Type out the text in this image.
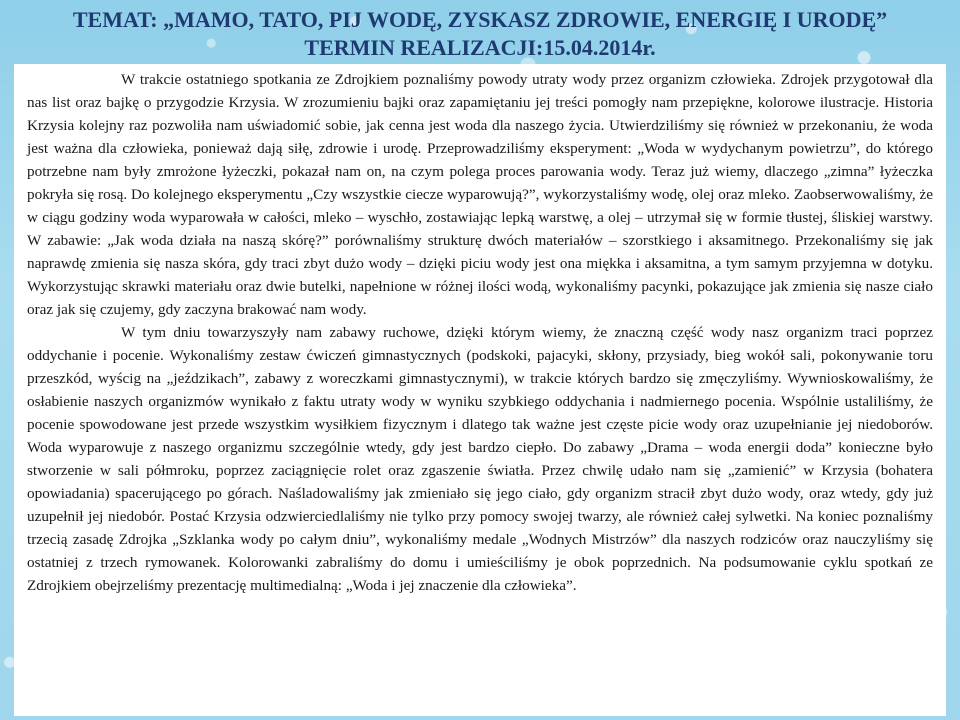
TEMAT: „MAMO, TATO, PIJ WODĘ, ZYSKASZ ZDROWIE, ENERGIĘ I URODĘ”
TERMIN REALIZACJI:15.04.2014r.

W trakcie ostatniego spotkania ze Zdrojkiem poznaliśmy powody utraty wody przez organizm człowieka. Zdrojek przygotował dla nas list oraz bajkę o przygodzie Krzysia. W zrozumieniu bajki oraz zapamiętaniu jej treści pomogły nam przepiękne, kolorowe ilustracje. Historia Krzysia kolejny raz pozwoliła nam uświadomić sobie, jak cenna jest woda dla naszego życia. Utwierdziliśmy się również w przekonaniu, że woda jest ważna dla człowieka, ponieważ dają siłę, zdrowie i urodę. Przeprowadziliśmy eksperyment: „Woda w wydychanym powietrzu”, do którego potrzebne nam były zmrożone łyżeczki, pokazał nam on, na czym polega proces parowania wody. Teraz już wiemy, dlaczego „zimna” łyżeczka pokryła się rosą. Do kolejnego eksperymentu „Czy wszystkie ciecze wyparowują?”, wykorzystaliśmy wodę, olej oraz mleko. Zaobserwowaliśmy, że w ciągu godziny woda wyparowała w całości, mleko – wyschło, zostawiając lepką warstwę, a olej – utrzymał się w formie tłustej, śliskiej warstwy. W zabawie: „Jak woda działa na naszą skórę?” porównaliśmy strukturę dwóch materiałów – szorstkiego i aksamitnego. Przekonaliśmy się jak naprawdę zmienia się nasza skóra, gdy traci zbyt dużo wody – dzięki piciu wody jest ona miękka i aksamitna, a tym samym przyjemna w dotyku. Wykorzystując skrawki materiału oraz dwie butelki, napełnione w różnej ilości wodą, wykonaliśmy pacynki, pokazujące jak zmienia się nasze ciało oraz jak się czujemy, gdy zaczyna brakować nam wody.

W tym dniu towarzyszyły nam zabawy ruchowe, dzięki którym wiemy, że znaczną część wody nasz organizm traci poprzez oddychanie i pocenie. Wykonaliśmy zestaw ćwiczeń gimnastycznych (podskoki, pajacyki, skłony, przysiady, bieg wokół sali, pokonywanie toru przeszkód, wyścig na „jeździkach”, zabawy z woreczkami gimnastycznymi), w trakcie których bardzo się zmęczyliśmy. Wywnioskowaliśmy, że osłabienie naszych organizmów wynikało z faktu utraty wody w wyniku szybkiego oddychania i nadmiernego pocenia. Wspólnie ustaliliśmy, że pocenie spowodowane jest przede wszystkim wysiłkiem fizycznym i dlatego tak ważne jest częste picie wody oraz uzupełnianie jej niedoborów. Woda wyparowuje z naszego organizmu szczególnie wtedy, gdy jest bardzo ciepło. Do zabawy „Drama – woda energii doda” konieczne było stworzenie w sali półmroku, poprzez zaciągnięcie rolet oraz zgaszenie światła. Przez chwilę udało nam się „zamienić” w Krzysia (bohatera opowiadania) spacerującego po górach. Naśladowaliśmy jak zmieniało się jego ciało, gdy organizm stracił zbyt dużo wody, oraz wtedy, gdy już uzupełnił jej niedobór. Postać Krzysia odzwierciedlaliśmy nie tylko przy pomocy swojej twarzy, ale również całej sylwetki. Na koniec poznaliśmy trzecią zasadę Zdrojka „Szklanka wody po całym dniu”, wykonaliśmy medale „Wodnych Mistrzów” dla naszych rodziców oraz nauczyliśmy się ostatniej z trzech rymowanek. Kolorowanki zabraliśmy do domu i umieściliśmy je obok poprzednich. Na podsumowanie cyklu spotkań ze Zdrojkiem obejrzeliśmy prezentację multimedialną: „Woda i jej znaczenie dla człowieka”.
